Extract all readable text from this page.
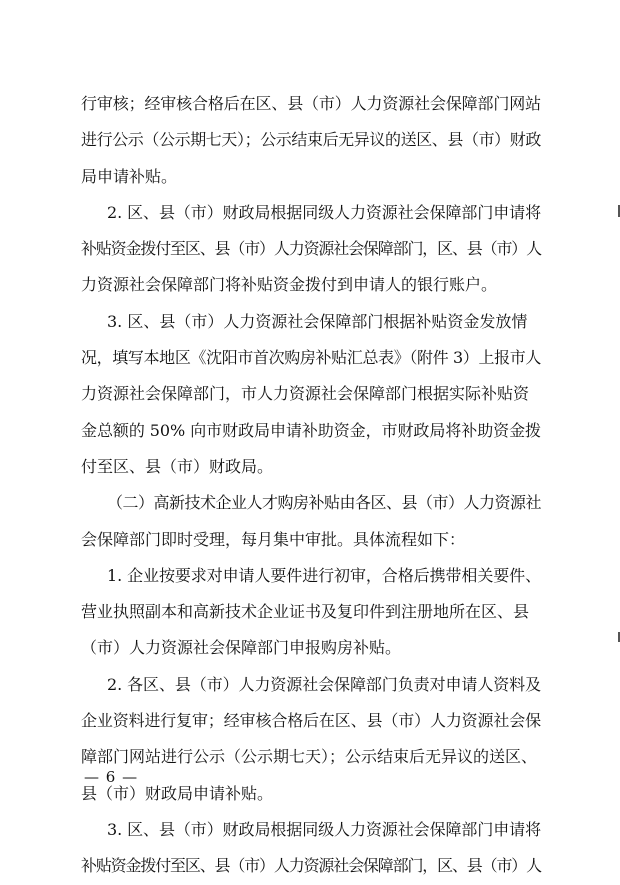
行审核；经审核合格后在区、县（市）人力资源社会保障部门网站
进行公示（公示期七天）；公示结束后无异议的送区、县（市）财政
局申请补贴。
2. 区、县（市）财政局根据同级人力资源社会保障部门申请将
补贴资金拨付至区、县（市）人力资源社会保障部门，区、县（市）人
力资源社会保障部门将补贴资金拨付到申请人的银行账户。
3. 区、县（市）人力资源社会保障部门根据补贴资金发放情
况，填写本地区《沈阳市首次购房补贴汇总表》（附件 3）上报市人
力资源社会保障部门，市人力资源社会保障部门根据实际补贴资
金总额的 50% 向市财政局申请补助资金，市财政局将补助资金拨
付至区、县（市）财政局。
（二）高新技术企业人才购房补贴由各区、县（市）人力资源社
会保障部门即时受理，每月集中审批。具体流程如下：
1. 企业按要求对申请人要件进行初审，合格后携带相关要件、
营业执照副本和高新技术企业证书及复印件到注册地所在区、县
（市）人力资源社会保障部门申报购房补贴。
2. 各区、县（市）人力资源社会保障部门负责对申请人资料及
企业资料进行复审；经审核合格后在区、县（市）人力资源社会保
障部门网站进行公示（公示期七天）；公示结束后无异议的送区、
县（市）财政局申请补贴。
3. 区、县（市）财政局根据同级人力资源社会保障部门申请将
补贴资金拨付至区、县（市）人力资源社会保障部门，区、县（市）人
— 6 —
